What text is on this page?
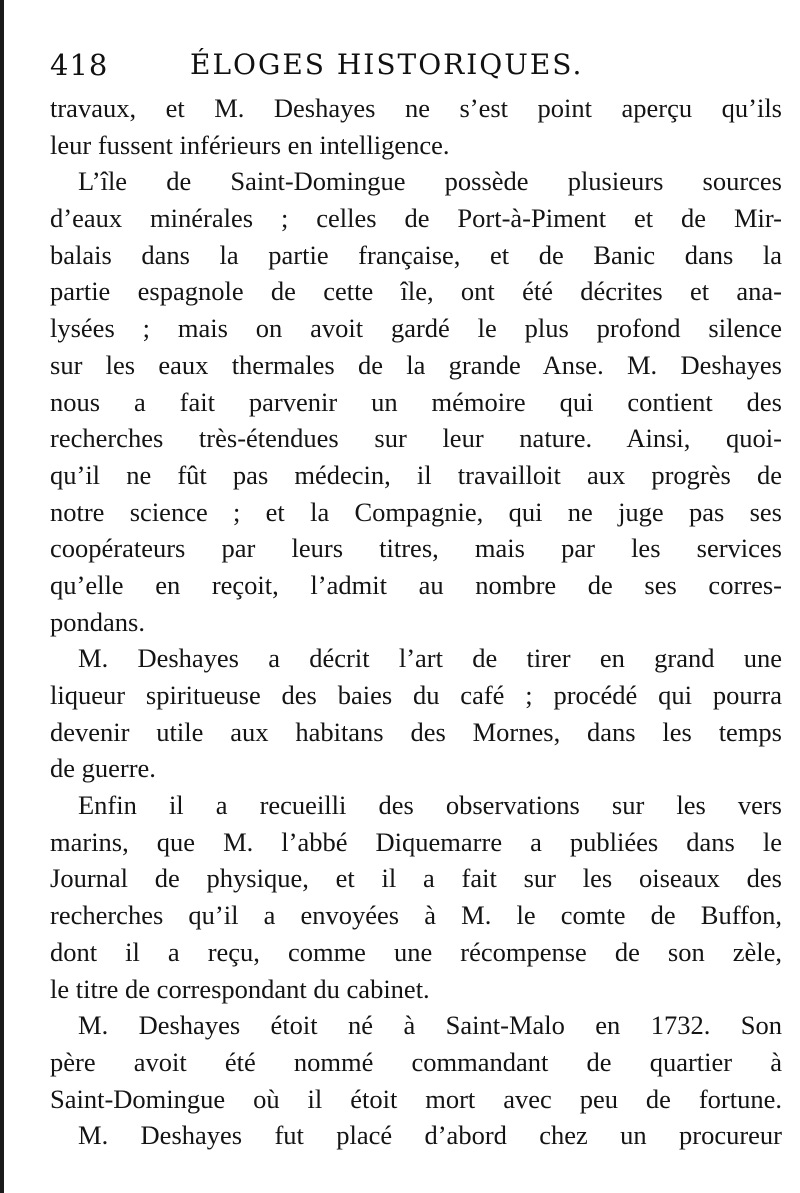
418	ÉLOGES HISTORIQUES.
travaux, et M. Deshayes ne s’est point aperçu qu’ils
leur fussent inférieurs en intelligence.
L’île de Saint-Domingue possède plusieurs sources
d’eaux minérales ; celles de Port-à-Piment et de Mir-
balais dans la partie française, et de Banic dans la
partie espagnole de cette île, ont été décrites et ana-
lysées ; mais on avoit gardé le plus profond silence
sur les eaux thermales de la grande Anse. M. Deshayes
nous a fait parvenir un mémoire qui contient des
recherches très-étendues sur leur nature. Ainsi, quoi-
qu’il ne fût pas médecin, il travailloit aux progrès de
notre science ; et la Compagnie, qui ne juge pas ses
coopérateurs par leurs titres, mais par les services
qu’elle en reçoit, l’admit au nombre de ses corres-
pondans.
M. Deshayes a décrit l’art de tirer en grand une
liqueur spiritueuse des baies du café ; procédé qui pourra
devenir utile aux habitans des Mornes, dans les temps
de guerre.
Enfin il a recueilli des observations sur les vers
marins, que M. l’abbé Diquemarre a publiées dans le
Journal de physique, et il a fait sur les oiseaux des
recherches qu’il a envoyées à M. le comte de Buffon,
dont il a reçu, comme une récompense de son zèle,
le titre de correspondant du cabinet.
M. Deshayes étoit né à Saint-Malo en 1732. Son
père avoit été nommé commandant de quartier à
Saint-Domingue où il étoit mort avec peu de fortune.
M. Deshayes fut placé d’abord chez un procureur
